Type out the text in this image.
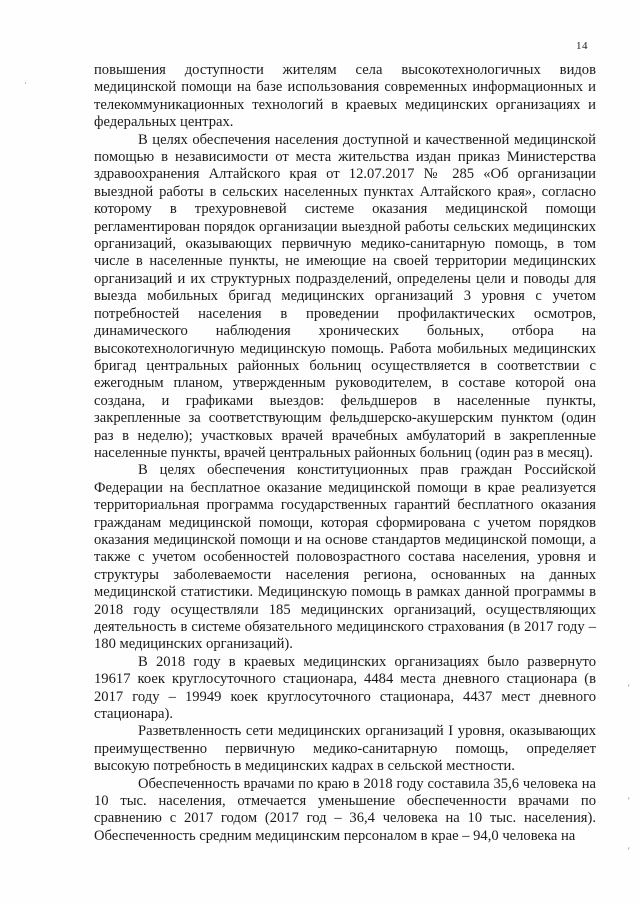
14
·
'
'
'

повышения доступности жителям села высокотехнологичных видов медицинской помощи на базе использования современных информационных и телекоммуникационных технологий в краевых медицинских организациях и федеральных центрах.

В целях обеспечения населения доступной и качественной медицинской помощью в независимости от места жительства издан приказ Министерства здравоохранения Алтайского края от 12.07.2017 № 285 «Об организации выездной работы в сельских населенных пунктах Алтайского края», согласно которому в трехуровневой системе оказания медицинской помощи регламентирован порядок организации выездной работы сельских медицинских организаций, оказывающих первичную медико-санитарную помощь, в том числе в населенные пункты, не имеющие на своей территории медицинских организаций и их структурных подразделений, определены цели и поводы для выезда мобильных бригад медицинских организаций 3 уровня с учетом потребностей населения в проведении профилактических осмотров, динамического наблюдения хронических больных, отбора на высокотехнологичную медицинскую помощь. Работа мобильных медицинских бригад центральных районных больниц осуществляется в соответствии с ежегодным планом, утвержденным руководителем, в составе которой она создана, и графиками выездов: фельдшеров в населенные пункты, закрепленные за соответствующим фельдшерско-акушерским пунктом (один раз в неделю); участковых врачей врачебных амбулаторий в закрепленные населенные пункты, врачей центральных районных больниц (один раз в месяц).

В целях обеспечения конституционных прав граждан Российской Федерации на бесплатное оказание медицинской помощи в крае реализуется территориальная программа государственных гарантий бесплатного оказания гражданам медицинской помощи, которая сформирована с учетом порядков оказания медицинской помощи и на основе стандартов медицинской помощи, а также с учетом особенностей половозрастного состава населения, уровня и структуры заболеваемости населения региона, основанных на данных медицинской статистики. Медицинскую помощь в рамках данной программы в 2018 году осуществляли 185 медицинских организаций, осуществляющих деятельность в системе обязательного медицинского страхования (в 2017 году – 180 медицинских организаций).

В 2018 году в краевых медицинских организациях было развернуто 19617 коек круглосуточного стационара, 4484 места дневного стационара (в 2017 году – 19949 коек круглосуточного стационара, 4437 мест дневного стационара).

Разветвленность сети медицинских организаций I уровня, оказывающих преимущественно первичную медико-санитарную помощь, определяет высокую потребность в медицинских кадрах в сельской местности.

Обеспеченность врачами по краю в 2018 году составила 35,6 человека на 10 тыс. населения, отмечается уменьшение обеспеченности врачами по сравнению с 2017 годом (2017 год – 36,4 человека на 10 тыс. населения). Обеспеченность средним медицинским персоналом в крае – 94,0 человека на
